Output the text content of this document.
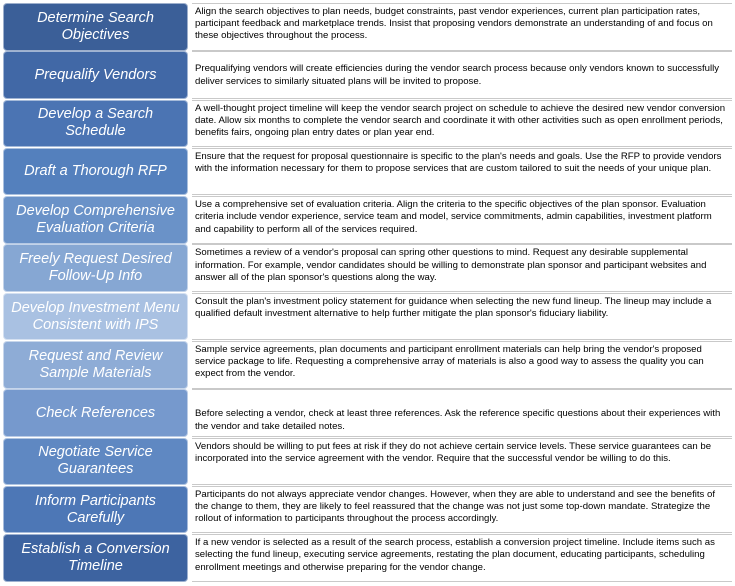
Determine Search Objectives
Align the search objectives to plan needs, budget constraints, past vendor experiences, current plan participation rates, participant feedback and marketplace trends. Insist that proposing vendors demonstrate an understanding of and focus on these objectives throughout the process.
Prequalify Vendors	Prequalifying vendors will create efficiencies during the vendor search process because only vendors known to successfully deliver services to similarly situated plans will be invited to propose.
Develop a Search Schedule
A well-thought project timeline will keep the vendor search project on schedule to achieve the desired new vendor conversion date. Allow six months to complete the vendor search and coordinate it with other activities such as open enrollment periods, benefits fairs, ongoing plan entry dates or plan year end.
Draft a Thorough RFP
Ensure that the request for proposal questionnaire is specific to the plan's needs and goals. Use the RFP to provide vendors with the information necessary for them to propose services that are custom tailored to suit the needs of your unique plan.
Develop Comprehensive Evaluation Criteria
Use a comprehensive set of evaluation criteria. Align the criteria to the specific objectives of the plan sponsor. Evaluation criteria include vendor experience, service team and model, service commitments, admin capabilities, investment platform and capability to perform all of the services required.
Freely Request Desired Follow-Up Info
Sometimes a review of a vendor's proposal can spring other questions to mind. Request any desirable supplemental information. For example, vendor candidates should be willing to demonstrate plan sponsor and participant websites and answer all of the plan sponsor's questions along the way.
Develop Investment Menu Consistent with IPS
Consult the plan's investment policy statement for guidance when selecting the new fund lineup. The lineup may include a qualified default investment alternative to help further mitigate the plan sponsor's fiduciary liability.
Request and Review Sample Materials
Sample service agreements, plan documents and participant enrollment materials can help bring the vendor's proposed service package to life. Requesting a comprehensive array of materials is also a good way to assess the quality you can expect from the vendor.
Check References	Before selecting a vendor, check at least three references. Ask the reference specific questions about their experiences with the vendor and take detailed notes.
Negotiate Service Guarantees
Vendors should be willing to put fees at risk if they do not achieve certain service levels. These service guarantees can be incorporated into the service agreement with the vendor. Require that the successful vendor be willing to do this.
Inform Participants Carefully
Participants do not always appreciate vendor changes. However, when they are able to understand and see the benefits of the change to them, they are likely to feel reassured that the change was not just some top-down mandate. Strategize the rollout of information to participants throughout the process accordingly.
Establish a Conversion Timeline
If a new vendor is selected as a result of the search process, establish a conversion project timeline. Include items such as selecting the fund lineup, executing service agreements, restating the plan document, educating participants, scheduling enrollment meetings and otherwise preparing for the vendor change.
